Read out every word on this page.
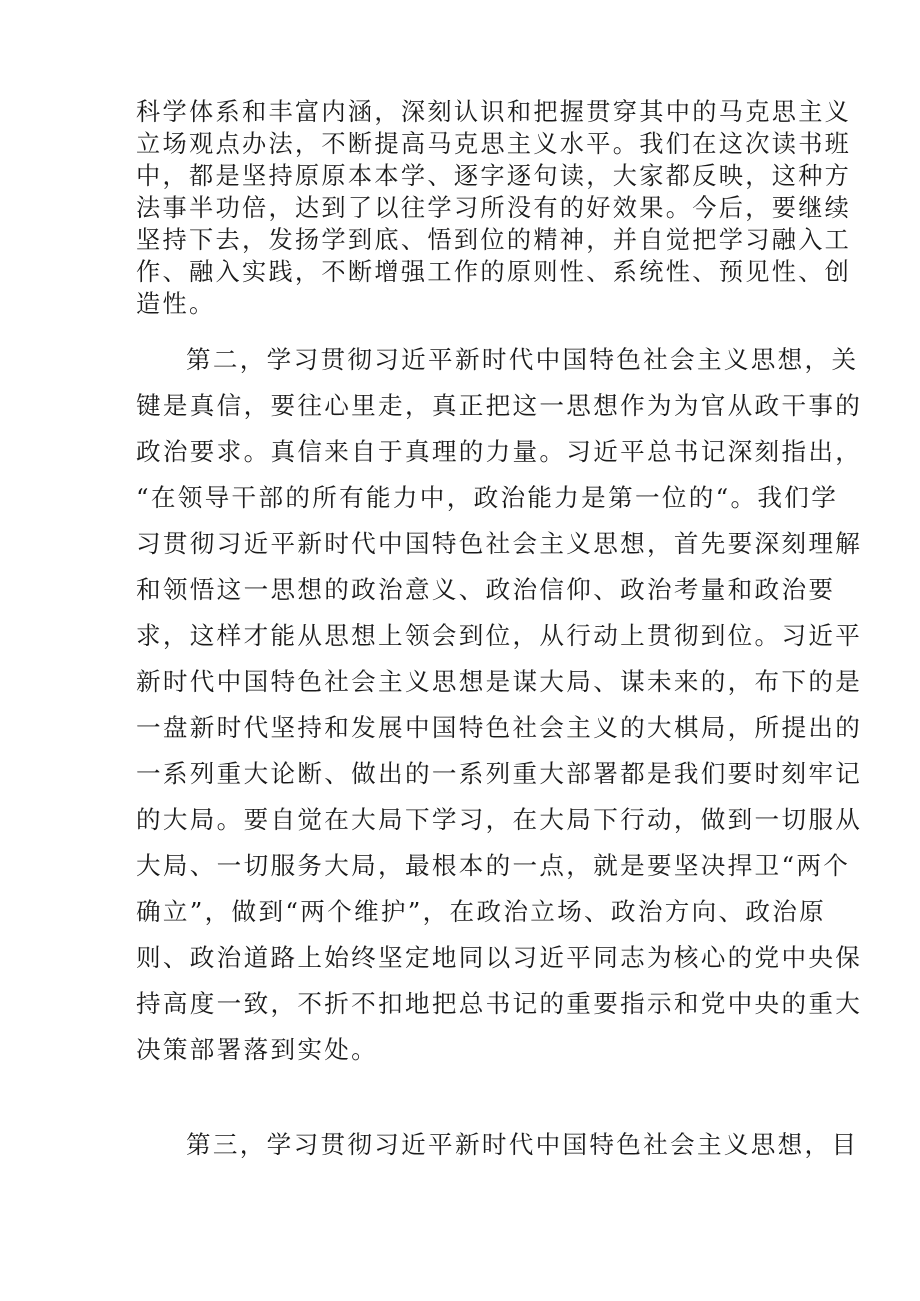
科学体系和丰富内涵，深刻认识和把握贯穿其中的马克思主义

立场观点办法，不断提高马克思主义水平。我们在这次读书班

中，都是坚持原原本本学、逐字逐句读，大家都反映，这种方

法事半功倍，达到了以往学习所没有的好效果。今后，要继续

坚持下去，发扬学到底、悟到位的精神，并自觉把学习融入工

作、融入实践，不断增强工作的原则性、系统性、预见性、创

造性。

第二，学习贯彻习近平新时代中国特色社会主义思想，关

键是真信，要往心里走，真正把这一思想作为为官从政干事的

政治要求。真信来自于真理的力量。习近平总书记深刻指出，

“在领导干部的所有能力中，政治能力是第一位的“。我们学

习贯彻习近平新时代中国特色社会主义思想，首先要深刻理解

和领悟这一思想的政治意义、政治信仰、政治考量和政治要

求，这样才能从思想上领会到位，从行动上贯彻到位。习近平

新时代中国特色社会主义思想是谋大局、谋未来的，布下的是

一盘新时代坚持和发展中国特色社会主义的大棋局，所提出的

一系列重大论断、做出的一系列重大部署都是我们要时刻牢记

的大局。要自觉在大局下学习，在大局下行动，做到一切服从

大局、一切服务大局，最根本的一点，就是要坚决捍卫“两个

确立”，做到“两个维护”，在政治立场、政治方向、政治原

则、政治道路上始终坚定地同以习近平同志为核心的党中央保

持高度一致，不折不扣地把总书记的重要指示和党中央的重大

决策部署落到实处。

第三，学习贯彻习近平新时代中国特色社会主义思想，目
